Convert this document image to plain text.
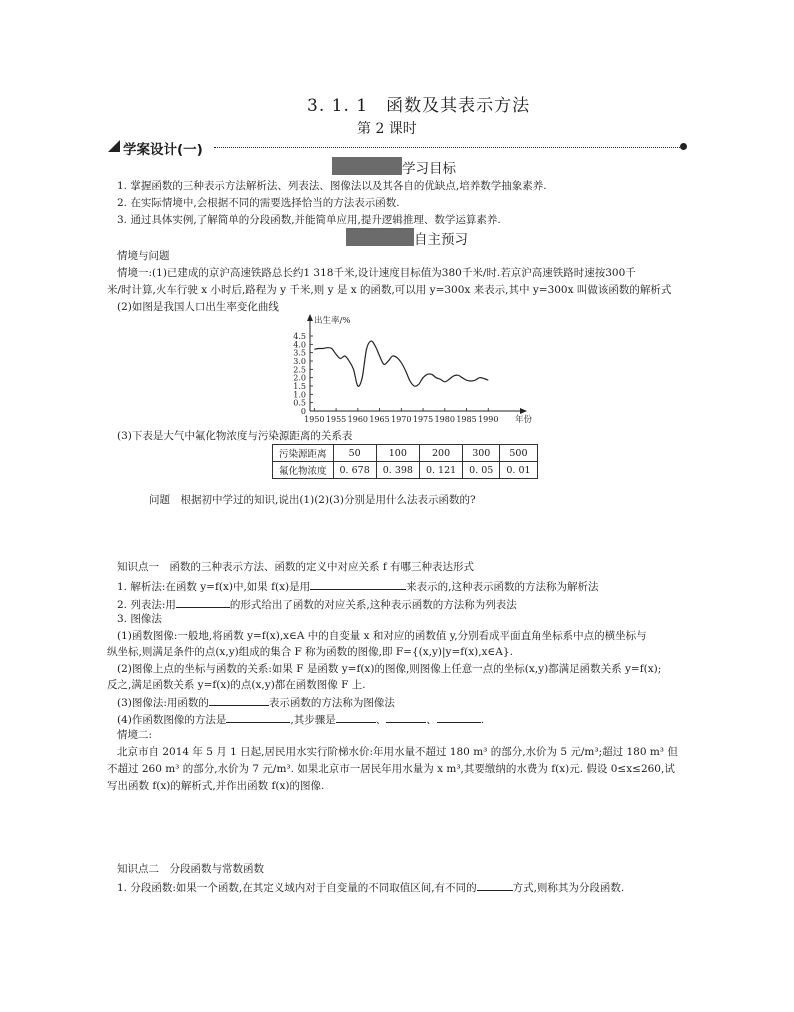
3. 1. 1　函数及其表示方法
第 2 课时
学案设计(一)
学习目标
1. 掌握函数的三种表示方法解析法、列表法、图像法以及其各自的优缺点,培养数学抽象素养.
2. 在实际情境中,会根据不同的需要选择恰当的方法表示函数.
3. 通过具体实例,了解简单的分段函数,并能简单应用,提升逻辑推理、数学运算素养.
自主预习
情境与问题
情境一:(1)已建成的京沪高速铁路总长约1 318千米,设计速度目标值为380千米/时.若京沪高速铁路时速按300千
米/时计算,火车行驶 x 小时后,路程为 y 千米,则 y 是 x 的函数,可以用 y=300x 来表示,其中 y=300x 叫做该函数的解析式
(2)如图是我国人口出生率变化曲线
0
0.5
1.0
1.5
2.0
2.5
3.0
3.5
4.0
4.5
1950 1955 1960 1965 1970 1975 1980 1985 1990
出生率/%
年份
(3)下表是大气中氟化物浓度与污染源距离的关系表
污染源距离	50	100	200	300	500
氟化物浓度	0. 678	0. 398	0. 121	0. 05	0. 01
问题　根据初中学过的知识,说出(1)(2)(3)分别是用什么法表示函数的?
知识点一　函数的三种表示方法、函数的定义中对应关系 f 有哪三种表达形式
1. 解析法:在函数 y=f(x)中,如果 f(x)是用	来表示的,这种表示函数的方法称为解析法
2. 列表法:用	的形式给出了函数的对应关系,这种表示函数的方法称为列表法
3. 图像法
(1)函数图像:一般地,将函数 y=f(x),x∈A 中的自变量 x 和对应的函数值 y,分别看成平面直角坐标系中点的横坐标与
纵坐标,则满足条件的点(x,y)组成的集合 F 称为函数的图像,即 F={(x,y)|y=f(x),x∈A}.
(2)图像上点的坐标与函数的关系:如果 F 是函数 y=f(x)的图像,则图像上任意一点的坐标(x,y)都满足函数关系 y=f(x);
反之,满足函数关系 y=f(x)的点(x,y)都在函数图像 F 上.
(3)图像法:用函数的	表示函数的方法称为图像法
(4)作函数图像的方法是	,其步骤是	、	、	.
情境二:
北京市自 2014 年 5 月 1 日起,居民用水实行阶梯水价:年用水量不超过 180 m³ 的部分,水价为 5 元/m³;超过 180 m³ 但
不超过 260 m³ 的部分,水价为 7 元/m³. 如果北京市一居民年用水量为 x m³,其要缴纳的水费为 f(x)元. 假设 0≤x≤260,试
写出函数 f(x)的解析式,并作出函数 f(x)的图像.
知识点二　分段函数与常数函数
1. 分段函数:如果一个函数,在其定义域内对于自变量的不同取值区间,有不同的	方式,则称其为分段函数.
